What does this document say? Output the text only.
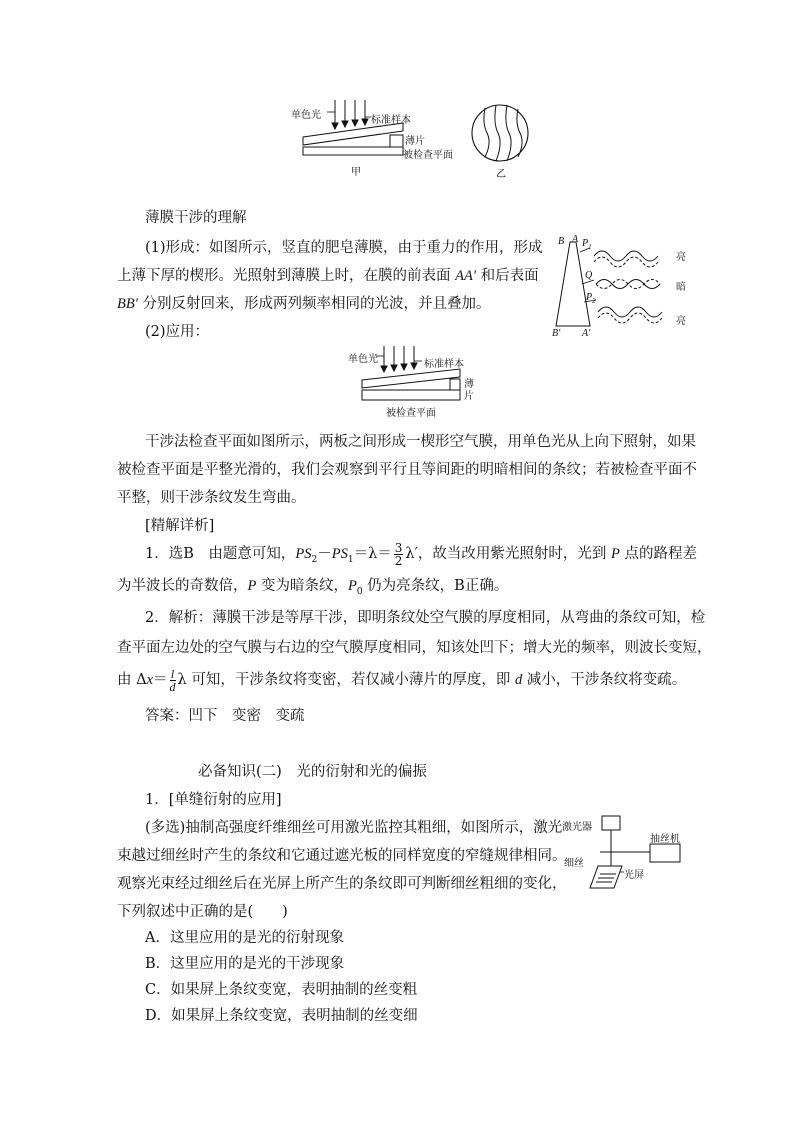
单色光	标准样本
薄片
被检查平面
甲	乙
薄膜干涉的理解
(1)形成：如图所示，竖直的肥皂薄膜，由于重力的作用，形成
上薄下厚的楔形。光照射到薄膜上时，在膜的前表面 AA′ 和后表面
BB′ 分别反射回来，形成两列频率相同的光波，并且叠加。
(2)应用：
B A $P_1$
Q
$P_2$
B′ A′
亮
暗
亮
单色光	标准样本
薄
片
被检查平面
干涉法检查平面如图所示，两板之间形成一楔形空气膜，用单色光从上向下照射，如果
被检查平面是平整光滑的，我们会观察到平行且等间距的明暗相间的条纹；若被检查平面不
平整，则干涉条纹发生弯曲。
[精解详析]
1．选B　由题意可知，$PS_2-PS_1=\lambda= \frac{3}{2} \lambda'$，故当改用紫光照射时，光到 P 点的路程差
为半波长的奇数倍，P 变为暗条纹，$P_0$ 仍为亮条纹，B正确。
2．解析：薄膜干涉是等厚干涉，即明条纹处空气膜的厚度相同，从弯曲的条纹可知，检
查平面左边处的空气膜与右边的空气膜厚度相同，知该处凹下；增大光的频率，则波长变短，
由 $\Delta x= \frac{l}{d}$ λ 可知，干涉条纹将变密，若仅减小薄片的厚度，即 d 减小，干涉条纹将变疏。
答案：凹下　变密　变疏
必备知识(二)　光的衍射和光的偏振
1．[单缝衍射的应用]
(多选)抽制高强度纤维细丝可用激光监控其粗细，如图所示，激光
束越过细丝时产生的条纹和它通过遮光板的同样宽度的窄缝规律相同。
观察光束经过细丝后在光屏上所产生的条纹即可判断细丝粗细的变化，
下列叙述中正确的是(　　)
A．这里应用的是光的衍射现象
B．这里应用的是光的干涉现象
C．如果屏上条纹变宽，表明抽制的丝变粗
D．如果屏上条纹变宽，表明抽制的丝变细
激光器
抽丝机
细丝
光屏
